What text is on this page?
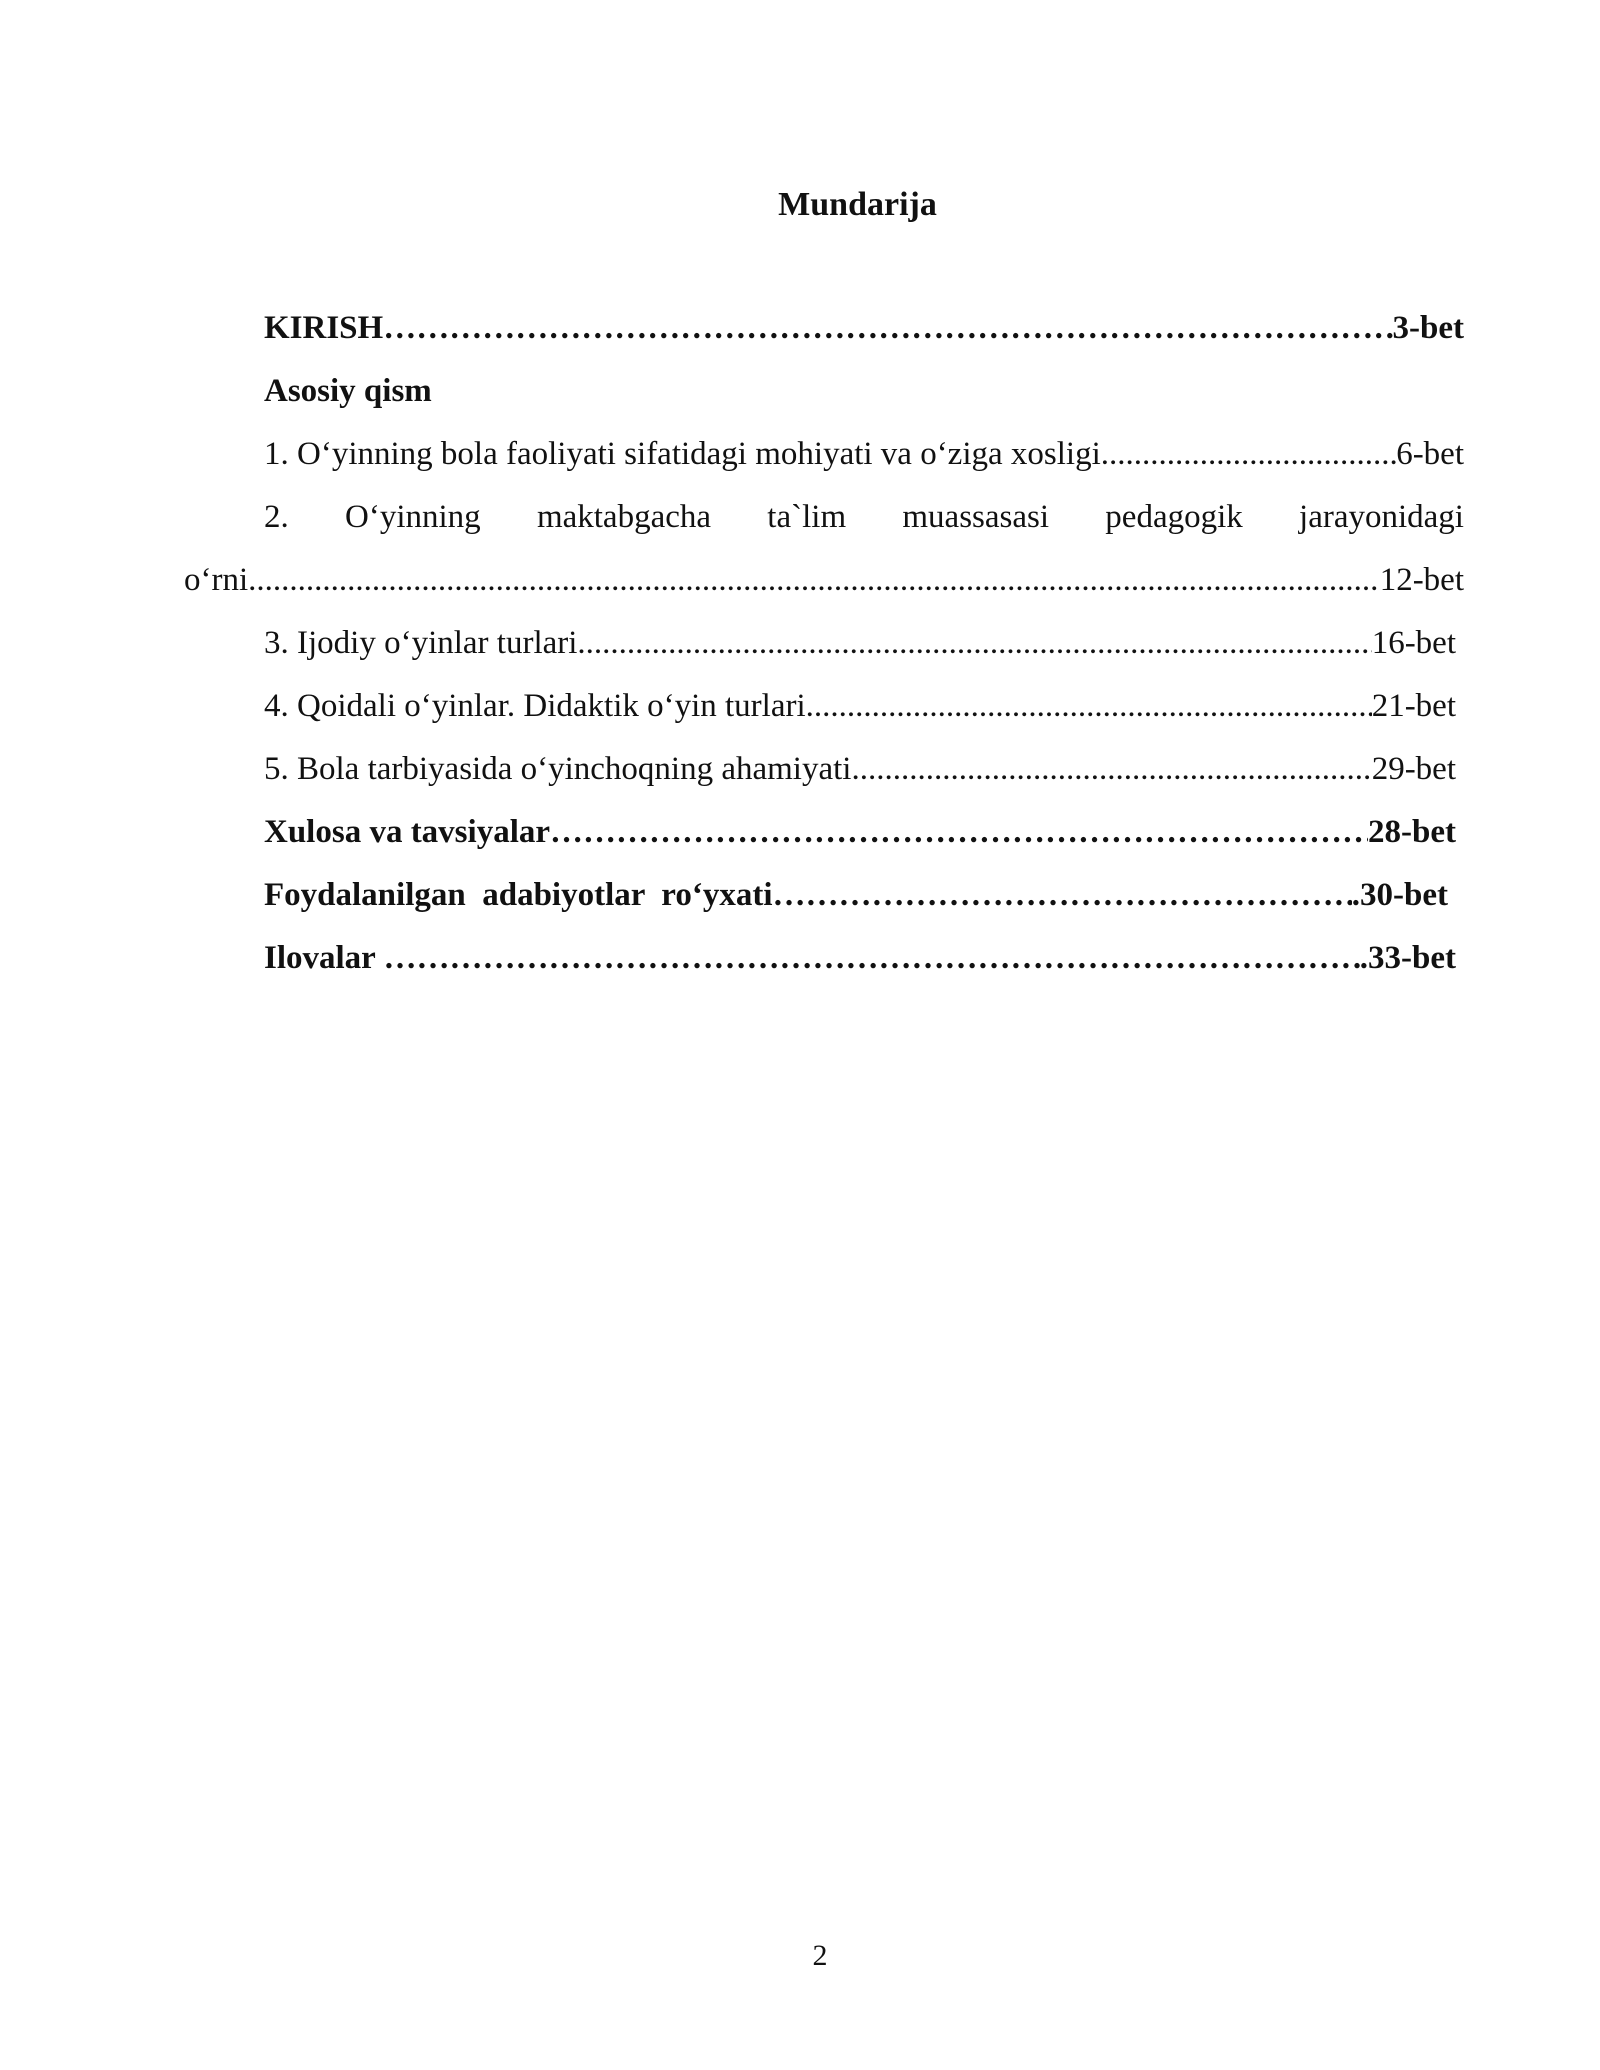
Mundarija
KIRISH ………………………………………………………………………………………………………………………………………………………………………………………………………………	3-bet
Asosiy qism
1. O‘yinning bola faoliyati sifatidagi mohiyati va o‘ziga xosligi .....	6-bet
2. O‘yinning maktabgacha ta`lim muassasasi pedagogik jarayonidagi
o‘rni .....	12-bet
3. Ijodiy o‘yinlar turlari .....	16-bet
4. Qoidali o‘yinlar. Didaktik o‘yin turlari .....	21-bet
5. Bola tarbiyasida o‘yinchoqning ahamiyati .....	29-bet
Xulosa va tavsiyalar ………………………………………………………………………………………………………………………………………………………………………………………………………………	28-bet
Foydalanilgan  adabiyotlar  ro‘yxati ………………………………………………………………………………………………………………………………………………………………………………………………………………	.30-bet
Ilovalar ………………………………………………………………………………………………………………………………………………………………………………………………………………	.33-bet
2
